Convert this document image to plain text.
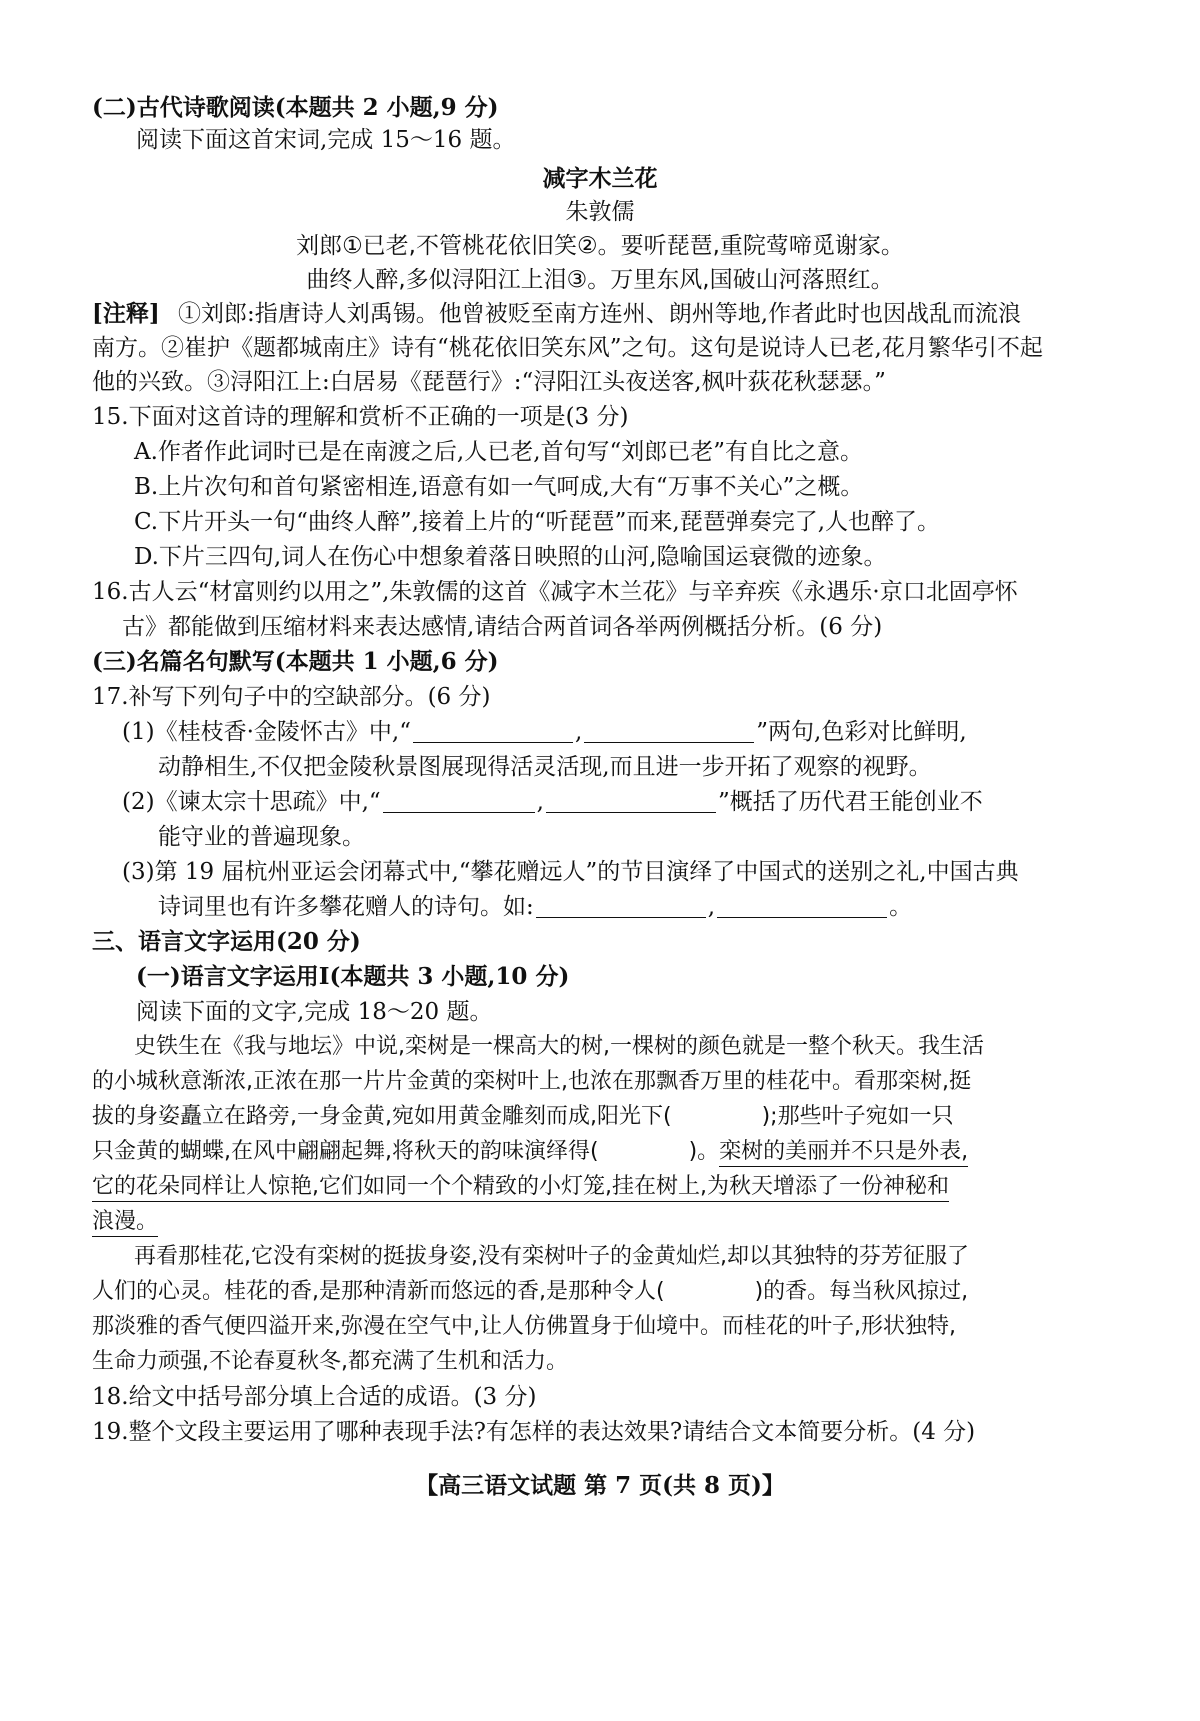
(二)古代诗歌阅读(本题共 2 小题,9 分)
阅读下面这首宋词,完成 15～16 题。
减字木兰花
朱敦儒
刘郎①已老,不管桃花依旧笑②。要听琵琶,重院莺啼觅谢家。
曲终人醉,多似浔阳江上泪③。万里东风,国破山河落照红。
[注释] ①刘郎:指唐诗人刘禹锡。他曾被贬至南方连州、朗州等地,作者此时也因战乱而流浪
南方。②崔护《题都城南庄》诗有“桃花依旧笑东风”之句。这句是说诗人已老,花月繁华引不起
他的兴致。③浔阳江上:白居易《琵琶行》:“浔阳江头夜送客,枫叶荻花秋瑟瑟。”
15.下面对这首诗的理解和赏析不正确的一项是(3 分)
A.作者作此词时已是在南渡之后,人已老,首句写“刘郎已老”有自比之意。
B.上片次句和首句紧密相连,语意有如一气呵成,大有“万事不关心”之概。
C.下片开头一句“曲终人醉”,接着上片的“听琵琶”而来,琵琶弹奏完了,人也醉了。
D.下片三四句,词人在伤心中想象着落日映照的山河,隐喻国运衰微的迹象。
16.古人云“材富则约以用之”,朱敦儒的这首《减字木兰花》与辛弃疾《永遇乐·京口北固亭怀
古》都能做到压缩材料来表达感情,请结合两首词各举两例概括分析。(6 分)
(三)名篇名句默写(本题共 1 小题,6 分)
17.补写下列句子中的空缺部分。(6 分)
(1)《桂枝香·金陵怀古》中,“	,	”两句,色彩对比鲜明,
动静相生,不仅把金陵秋景图展现得活灵活现,而且进一步开拓了观察的视野。
(2)《谏太宗十思疏》中,“	,	”概括了历代君王能创业不
能守业的普遍现象。
(3)第 19 届杭州亚运会闭幕式中,“攀花赠远人”的节目演绎了中国式的送别之礼,中国古典
诗词里也有许多攀花赠人的诗句。如:	,	。
三、语言文字运用(20 分)
(一)语言文字运用Ⅰ(本题共 3 小题,10 分)
阅读下面的文字,完成 18～20 题。
史铁生在《我与地坛》中说,栾树是一棵高大的树,一棵树的颜色就是一整个秋天。我生活
的小城秋意渐浓,正浓在那一片片金黄的栾树叶上,也浓在那飘香万里的桂花中。看那栾树,挺
拔的身姿矗立在路旁,一身金黄,宛如用黄金雕刻而成,阳光下(	);那些叶子宛如一只
只金黄的蝴蝶,在风中翩翩起舞,将秋天的韵味演绎得(	)。栾树的美丽并不只是外表,
它的花朵同样让人惊艳,它们如同一个个精致的小灯笼,挂在树上,为秋天增添了一份神秘和
浪漫。
再看那桂花,它没有栾树的挺拔身姿,没有栾树叶子的金黄灿烂,却以其独特的芬芳征服了
人们的心灵。桂花的香,是那种清新而悠远的香,是那种令人(	)的香。每当秋风掠过,
那淡雅的香气便四溢开来,弥漫在空气中,让人仿佛置身于仙境中。而桂花的叶子,形状独特,
生命力顽强,不论春夏秋冬,都充满了生机和活力。
18.给文中括号部分填上合适的成语。(3 分)
19.整个文段主要运用了哪种表现手法?有怎样的表达效果?请结合文本简要分析。(4 分)
【高三语文试题 第 7 页(共 8 页)】
